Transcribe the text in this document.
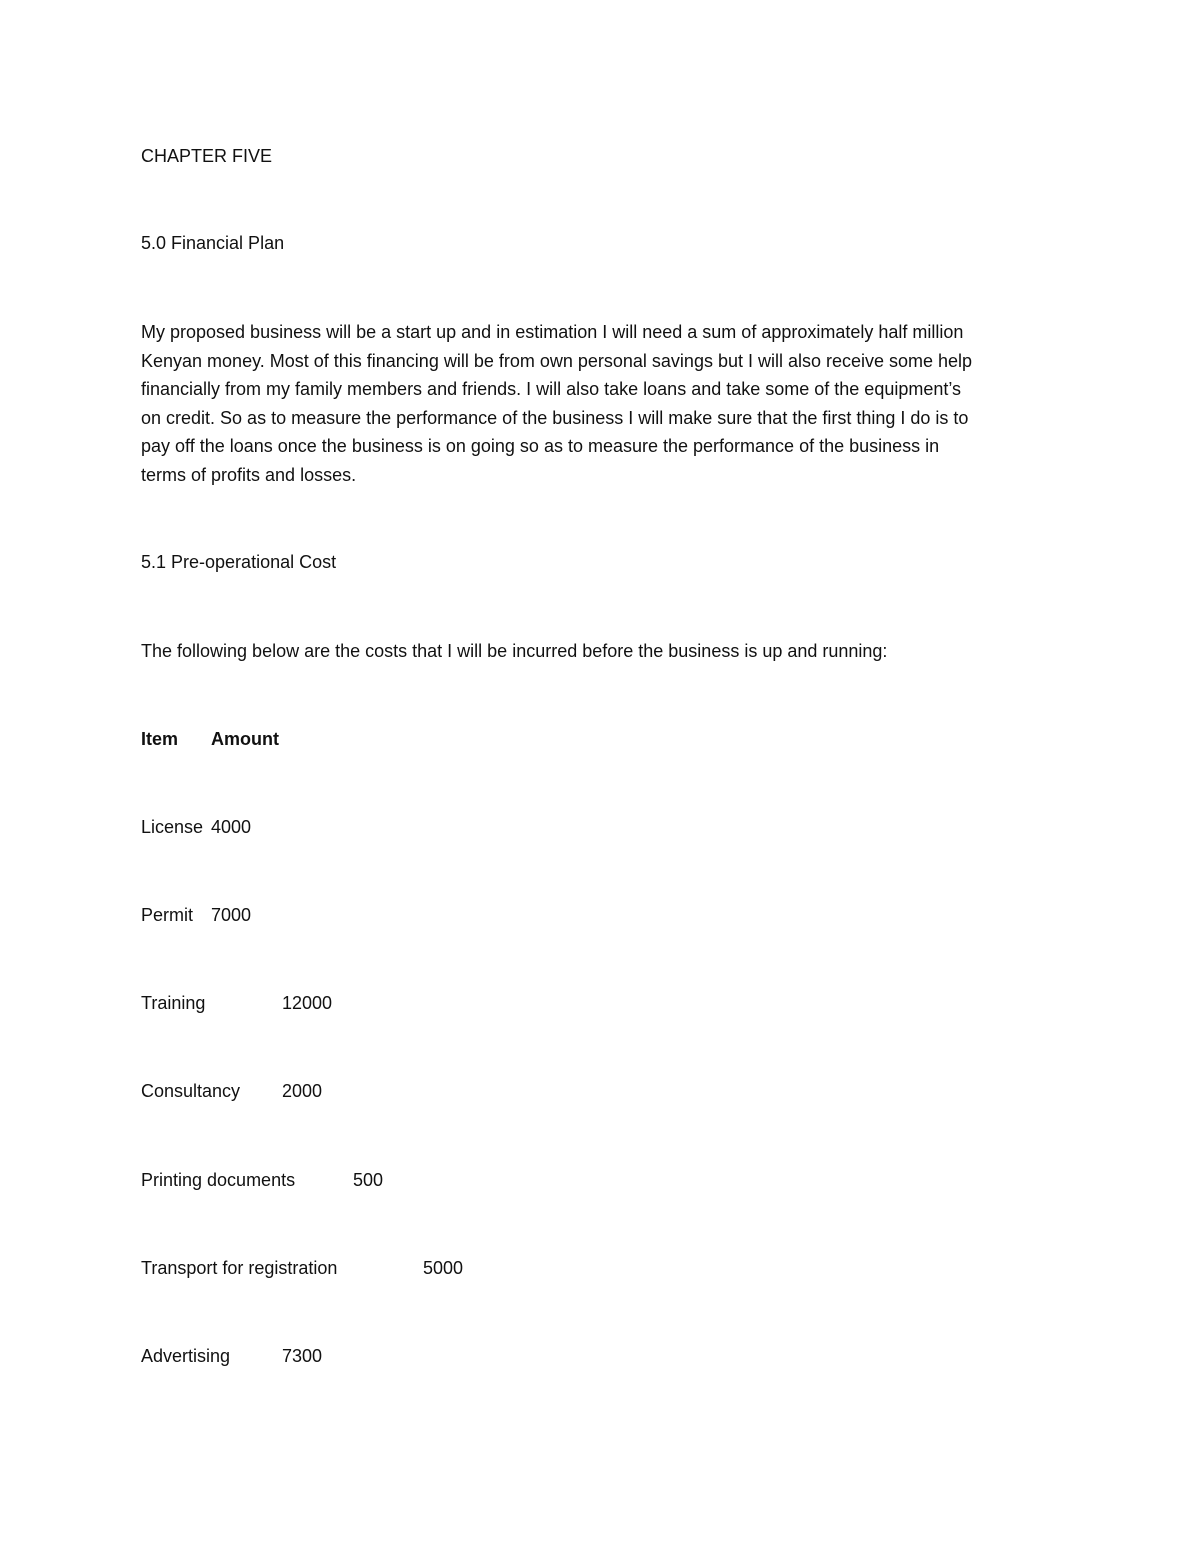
CHAPTER FIVE

5.0 Financial Plan

My proposed business will be a start up and in estimation I will need a sum of approximately half million
Kenyan money. Most of this financing will be from own personal savings but I will also receive some help
financially from my family members and friends. I will also take loans and take some of the equipment’s
on credit. So as to measure the performance of the business I will make sure that the first thing I do is to
pay off the loans once the business is on going so as to measure the performance of the business in
terms of profits and losses.

5.1 Pre-operational Cost

The following below are the costs that I will be incurred before the business is up and running:

Item Amount

License 4000

Permit 7000

Training	12000

Consultancy 2000

Printing documents	500

Transport for registration	5000

Advertising	7300
